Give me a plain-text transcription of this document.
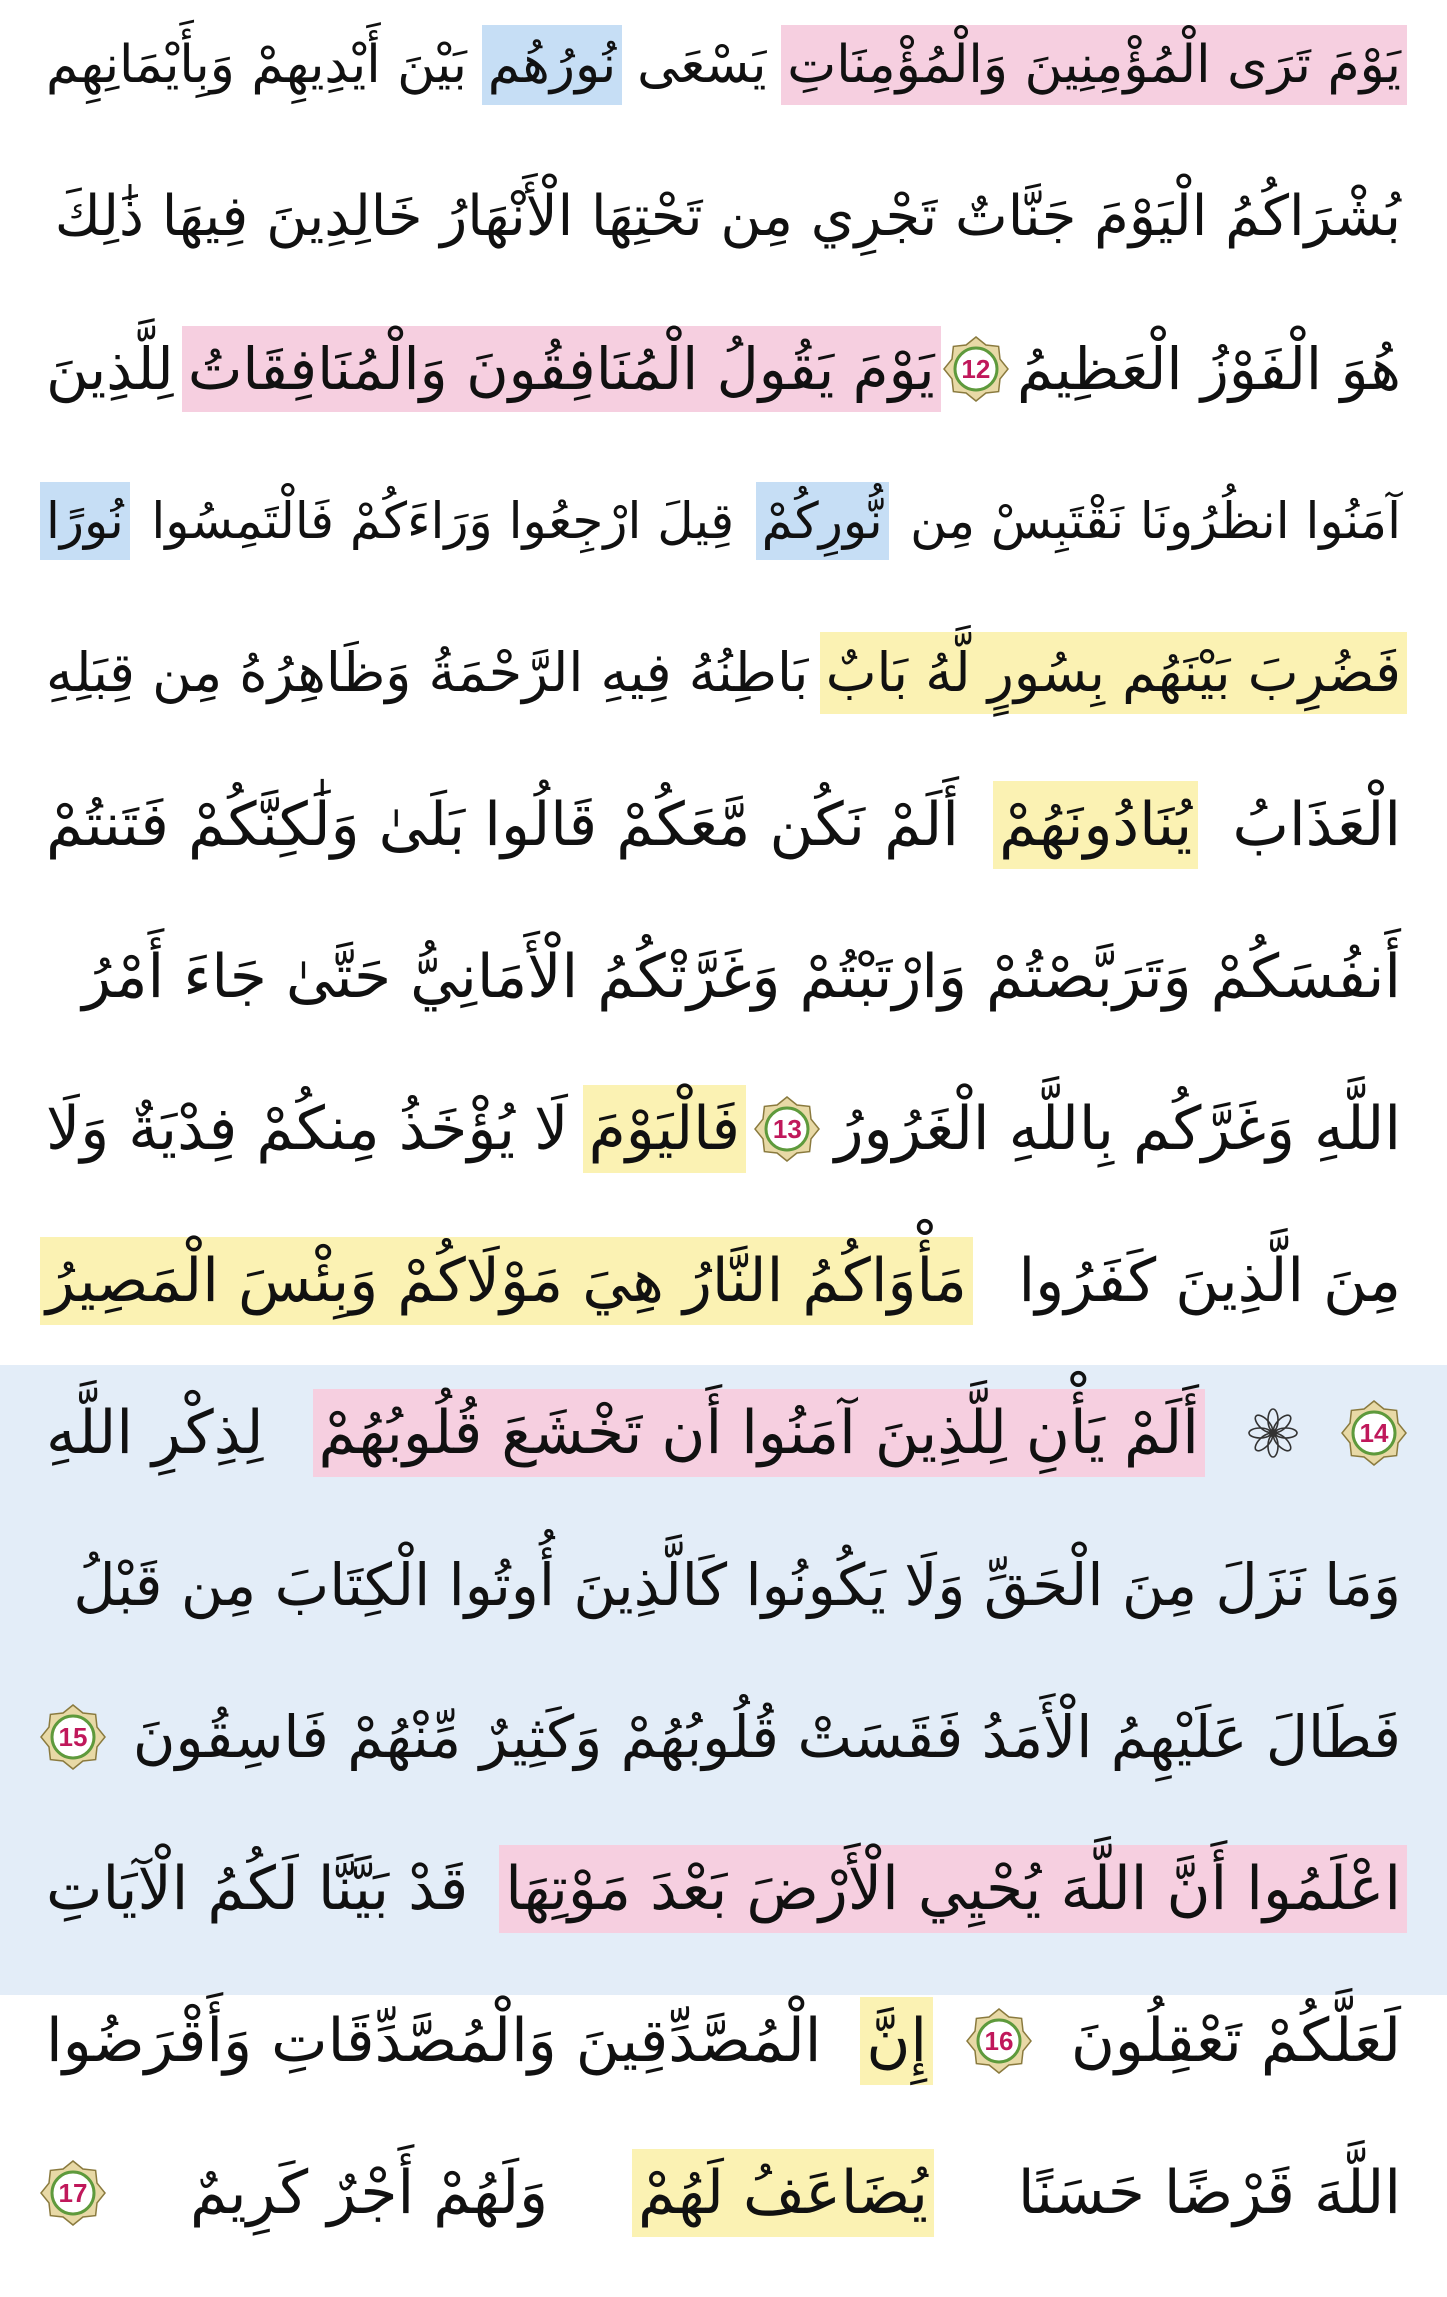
يَوْمَ تَرَى الْمُؤْمِنِينَ وَالْمُؤْمِنَاتِ
يَسْعَى
نُورُهُم
بَيْنَ أَيْدِيهِمْ وَبِأَيْمَانِهِم
بُشْرَاكُمُ الْيَوْمَ جَنَّاتٌ تَجْرِي مِن تَحْتِهَا الْأَنْهَارُ خَالِدِينَ فِيهَا ذَٰلِكَ
هُوَ الْفَوْزُ الْعَظِيمُ
12
يَوْمَ يَقُولُ الْمُنَافِقُونَ وَالْمُنَافِقَاتُ
لِلَّذِينَ
آمَنُوا انظُرُونَا نَقْتَبِسْ مِن
نُّورِكُمْ
قِيلَ ارْجِعُوا وَرَاءَكُمْ فَالْتَمِسُوا
نُورًا
فَضُرِبَ بَيْنَهُم بِسُورٍ لَّهُ بَابٌ
بَاطِنُهُ فِيهِ الرَّحْمَةُ وَظَاهِرُهُ مِن قِبَلِهِ
الْعَذَابُ
يُنَادُونَهُمْ
أَلَمْ نَكُن مَّعَكُمْ قَالُوا بَلَىٰ وَلَٰكِنَّكُمْ فَتَنتُمْ
أَنفُسَكُمْ وَتَرَبَّصْتُمْ وَارْتَبْتُمْ وَغَرَّتْكُمُ الْأَمَانِيُّ حَتَّىٰ جَاءَ أَمْرُ
اللَّهِ وَغَرَّكُم بِاللَّهِ الْغَرُورُ
13
فَالْيَوْمَ
لَا يُؤْخَذُ مِنكُمْ فِدْيَةٌ وَلَا
مِنَ الَّذِينَ كَفَرُوا
مَأْوَاكُمُ النَّارُ هِيَ مَوْلَاكُمْ وَبِئْسَ الْمَصِيرُ
14
أَلَمْ يَأْنِ لِلَّذِينَ آمَنُوا أَن تَخْشَعَ قُلُوبُهُمْ
لِذِكْرِ اللَّهِ
وَمَا نَزَلَ مِنَ الْحَقِّ وَلَا يَكُونُوا كَالَّذِينَ أُوتُوا الْكِتَابَ مِن قَبْلُ
فَطَالَ عَلَيْهِمُ الْأَمَدُ فَقَسَتْ قُلُوبُهُمْ وَكَثِيرٌ مِّنْهُمْ فَاسِقُونَ
15
اعْلَمُوا أَنَّ اللَّهَ يُحْيِي الْأَرْضَ بَعْدَ مَوْتِهَا
قَدْ بَيَّنَّا لَكُمُ الْآيَاتِ
لَعَلَّكُمْ تَعْقِلُونَ
16
إِنَّ
الْمُصَّدِّقِينَ وَالْمُصَّدِّقَاتِ وَأَقْرَضُوا
اللَّهَ قَرْضًا حَسَنًا
يُضَاعَفُ لَهُمْ
وَلَهُمْ أَجْرٌ كَرِيمٌ
17
